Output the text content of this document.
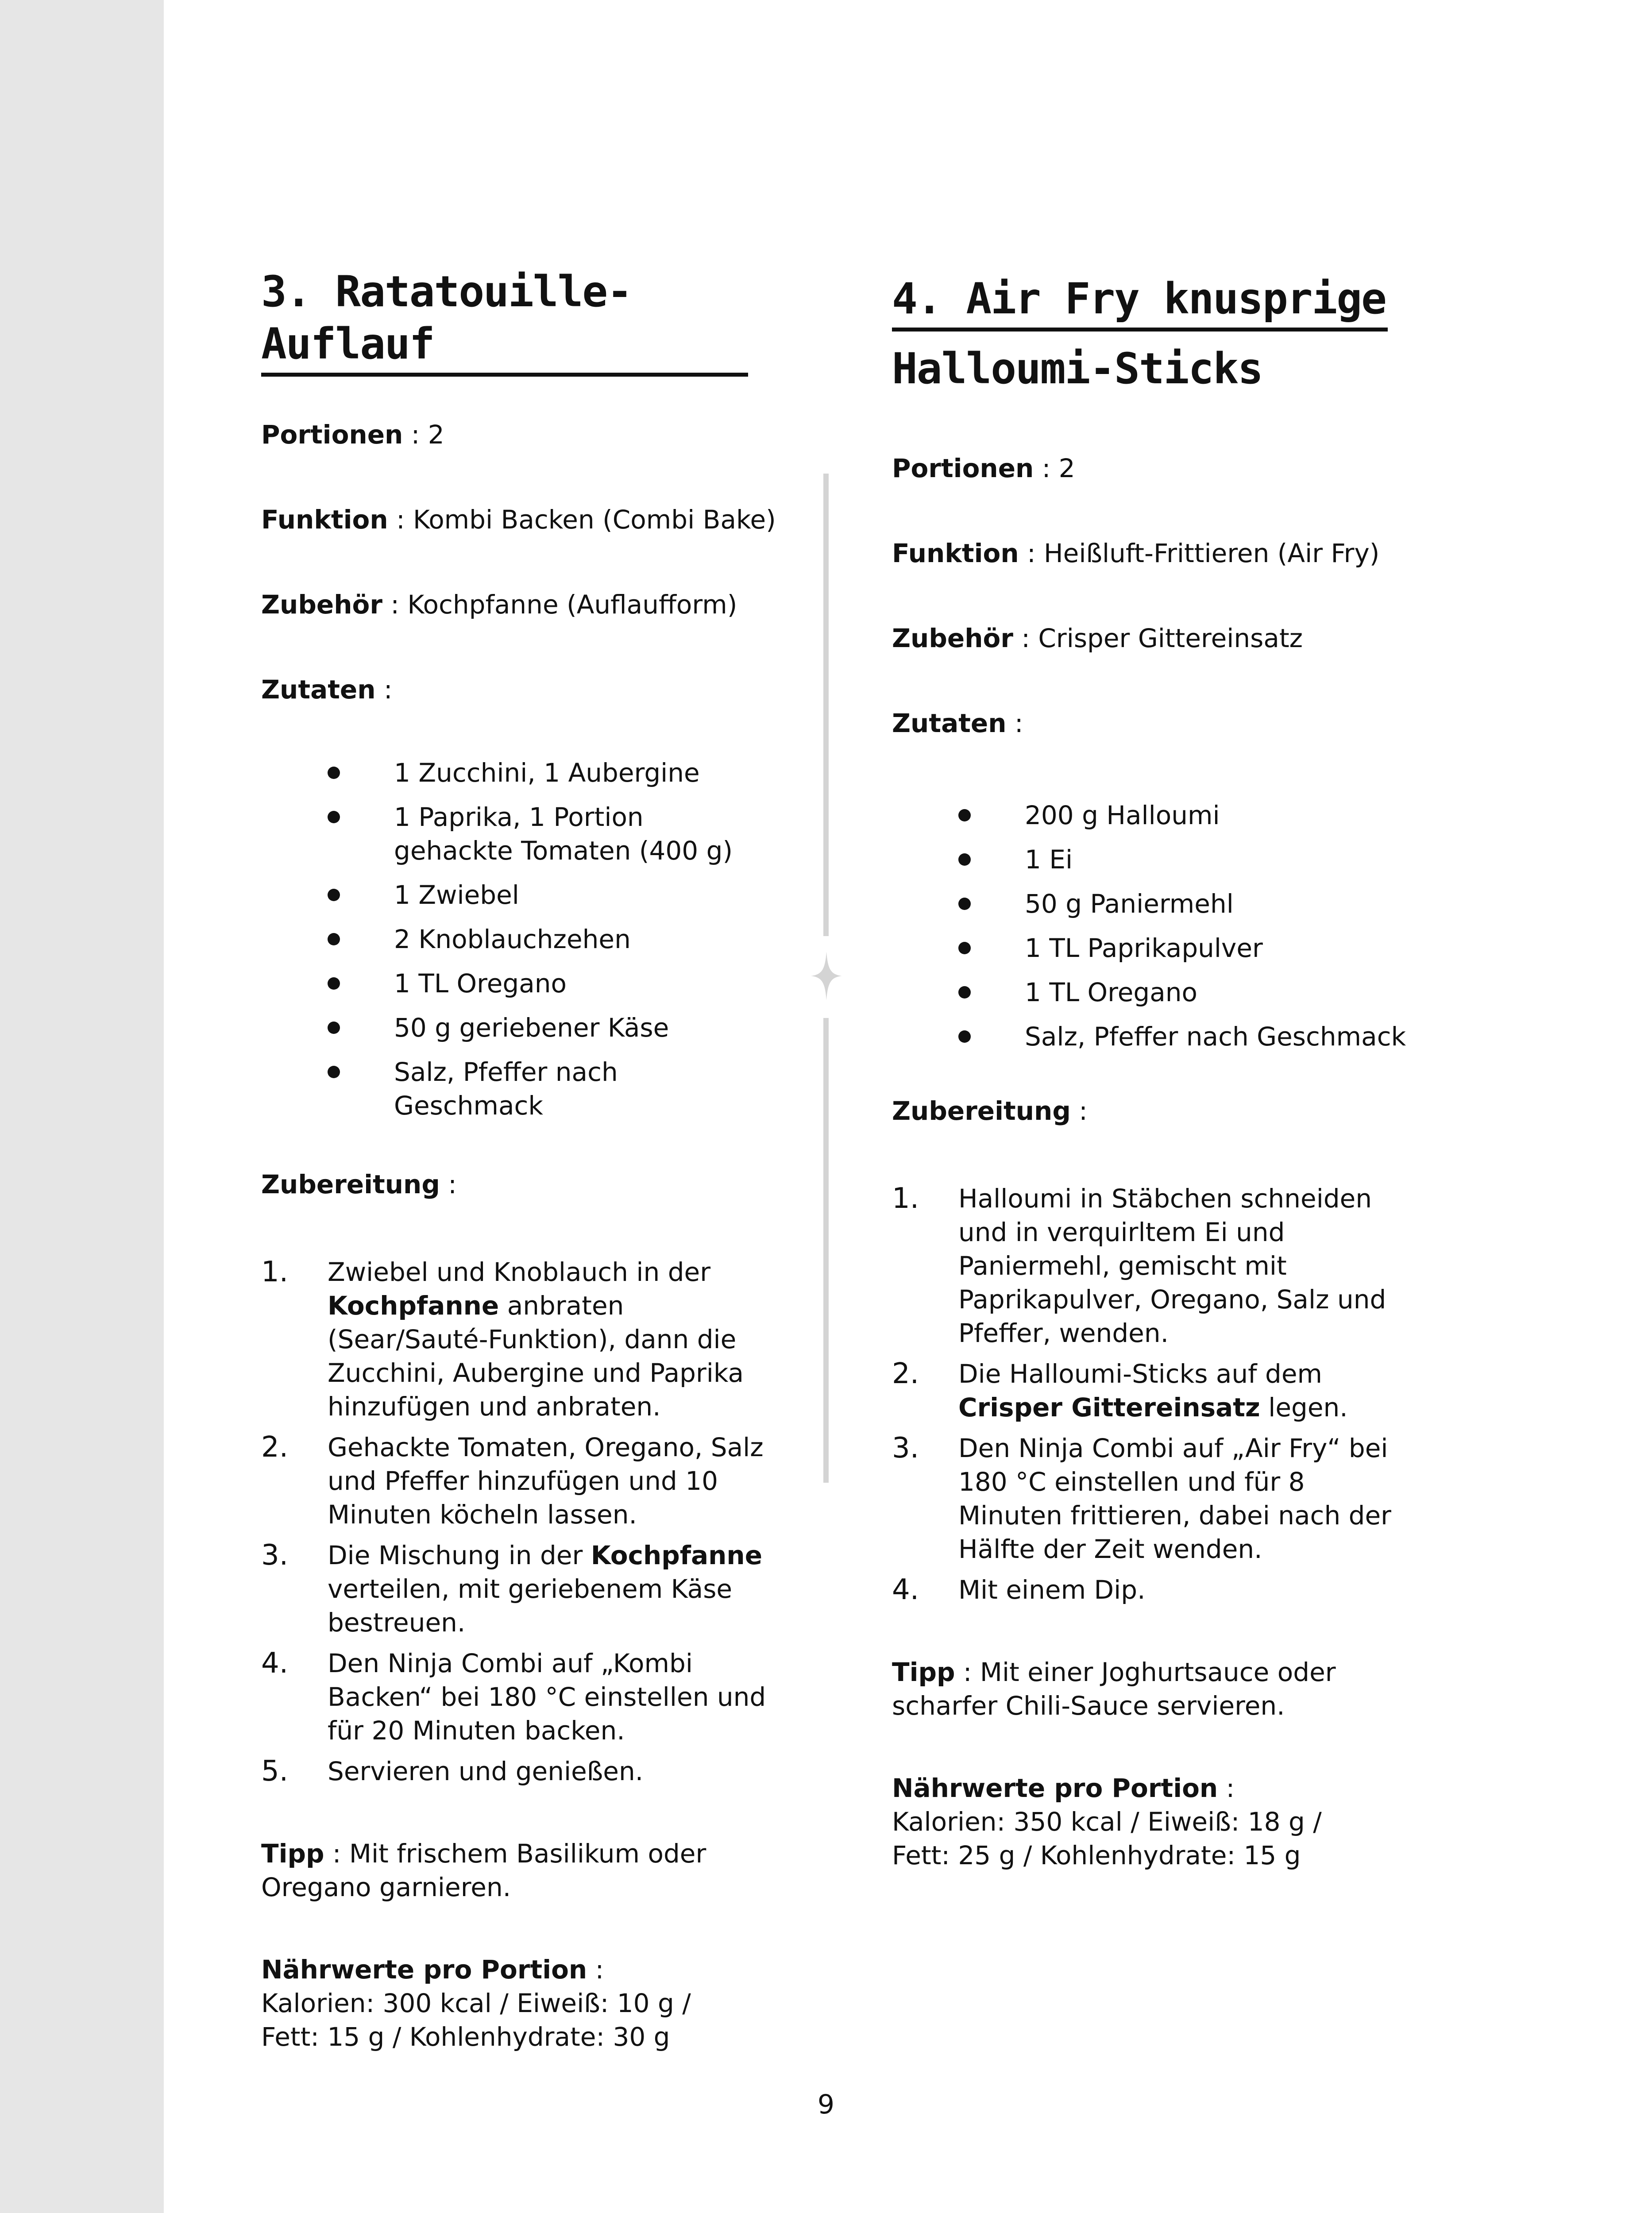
3. Ratatouille-Auflauf

Portionen : 2

Funktion : Kombi Backen (Combi Bake)

Zubehör : Kochpfanne (Auflaufform)

Zutaten :

1 Zucchini, 1 Aubergine
1 Paprika, 1 Portion gehackte Tomaten (400 g)
1 Zwiebel
2 Knoblauchzehen
1 TL Oregano
50 g geriebener Käse
Salz, Pfeffer nach Geschmack

Zubereitung :

1. Zwiebel und Knoblauch in der Kochpfanne anbraten (Sear/Sauté-Funktion), dann die Zucchini, Aubergine und Paprika hinzufügen und anbraten.
2. Gehackte Tomaten, Oregano, Salz und Pfeffer hinzufügen und 10 Minuten köcheln lassen.
3. Die Mischung in der Kochpfanne verteilen, mit geriebenem Käse bestreuen.
4. Den Ninja Combi auf „Kombi Backen“ bei 180 °C einstellen und für 20 Minuten backen.
5. Servieren und genießen.

Tipp : Mit frischem Basilikum oder Oregano garnieren.

Nährwerte pro Portion :

Kalorien: 300 kcal / Eiweiß: 10 g /

Fett: 15 g / Kohlenhydrate: 30 g

4. Air Fry knusprige
Halloumi-Sticks

Portionen : 2

Funktion : Heißluft-Frittieren (Air Fry)

Zubehör : Crisper Gittereinsatz

Zutaten :

200 g Halloumi
1 Ei
50 g Paniermehl
1 TL Paprikapulver
1 TL Oregano
Salz, Pfeffer nach Geschmack

Zubereitung :

1. Halloumi in Stäbchen schneiden und in verquirltem Ei und Paniermehl, gemischt mit Paprikapulver, Oregano, Salz und Pfeffer, wenden.
2. Die Halloumi-Sticks auf dem Crisper Gittereinsatz legen.
3. Den Ninja Combi auf „Air Fry“ bei 180 °C einstellen und für 8 Minuten frittieren, dabei nach der Hälfte der Zeit wenden.
4. Mit einem Dip.

Tipp : Mit einer Joghurtsauce oder scharfer Chili-Sauce servieren.

Nährwerte pro Portion :

Kalorien: 350 kcal / Eiweiß: 18 g /

Fett: 25 g / Kohlenhydrate: 15 g

9
